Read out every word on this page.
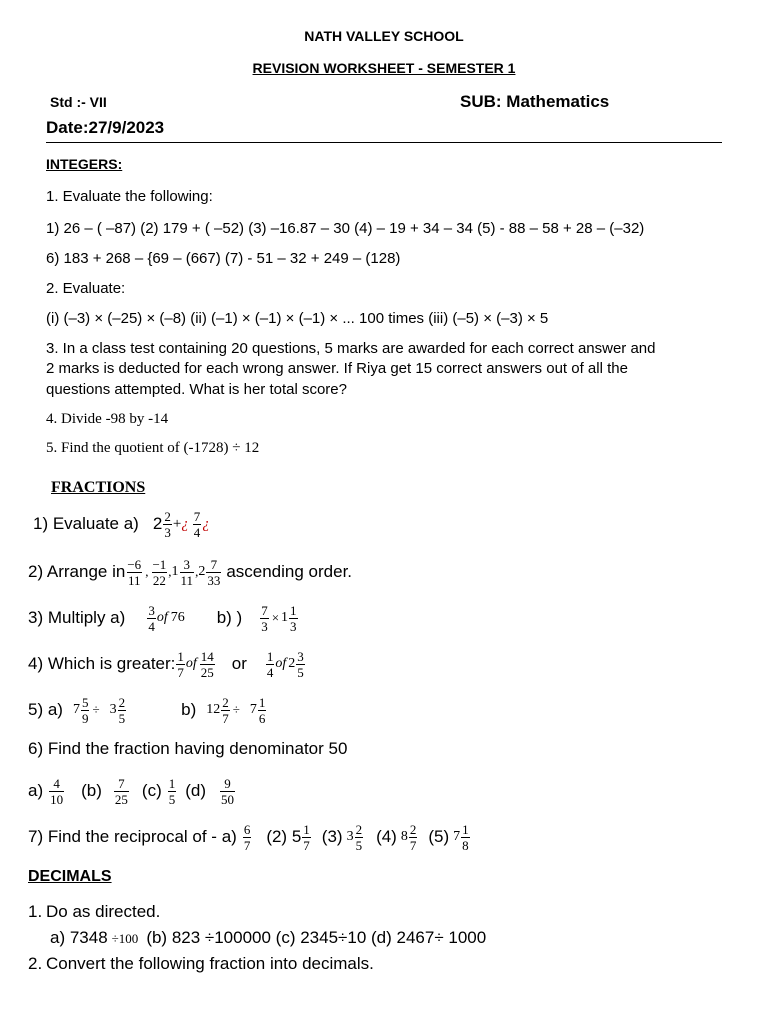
NATH VALLEY SCHOOL
REVISION WORKSHEET - SEMESTER 1
Std :- VII	SUB: Mathematics
Date:27/9/2023
INTEGERS:
1. Evaluate the following:
1) 26 – ( –87) (2) 179 + ( –52) (3) –16.87 – 30 (4) – 19 + 34 – 34 (5) - 88 – 58 + 28 – (–32)
6) 183 + 268 – {69 – (667) (7) - 51 – 32 + 249 – (128)
2. Evaluate:
(i) (–3) × (–25) × (–8) (ii) (–1) × (–1) × (–1) × ... 100 times (iii) (–5) × (–3) × 5
3. In a class test containing 20 questions, 5 marks are awarded for each correct answer and
2 marks is deducted for each wrong answer. If Riya get 15 correct answers out of all the
questions attempted. What is her total score?
4. Divide -98 by -14
5. Find the quotient of (-1728) ÷ 12
FRACTIONS
1) Evaluate a) $2 \frac{2}{3}$ + ¿ $\frac{7}{4}$ ¿
2) Arrange in $\frac{-6}{11}$ , $\frac{-1}{22}$ , $1 \frac{3}{11}$ , $2 \frac{7}{33}$ ascending order.
3) Multiply $a) \frac{3}{4}$ of 76 b) ) $\frac{7}{3} \times 1 \frac{1}{3}$
4) Which is greater: $\frac{1}{7}$ of $\frac{14}{25}$ or $\frac{1}{4}$ of $2 \frac{3}{5}$
5) a) $7 \frac{5}{9} \div 3 \frac{2}{5}$	b) $12 \frac{2}{7} \div 7 \frac{1}{6}$
6) Find the fraction having denominator 50
$a) \frac{4}{10} (b) \frac{7}{25} (c) \frac{1}{5} (d) \frac{9}{50}$
7) Find the reciprocal of - $a) \frac{6}{7} (2)$ $5 \frac{1}{7} (3)$ $3 \frac{2}{5} (4)$ $8 \frac{2}{7} (5)$ $7 \frac{1}{8}$
DECIMALS
1. Do as directed.
a) 7348 ÷100 (b) 823 ÷100000 (c) 2345÷10 (d) 2467÷ 1000
2. Convert the following fraction into decimals.
